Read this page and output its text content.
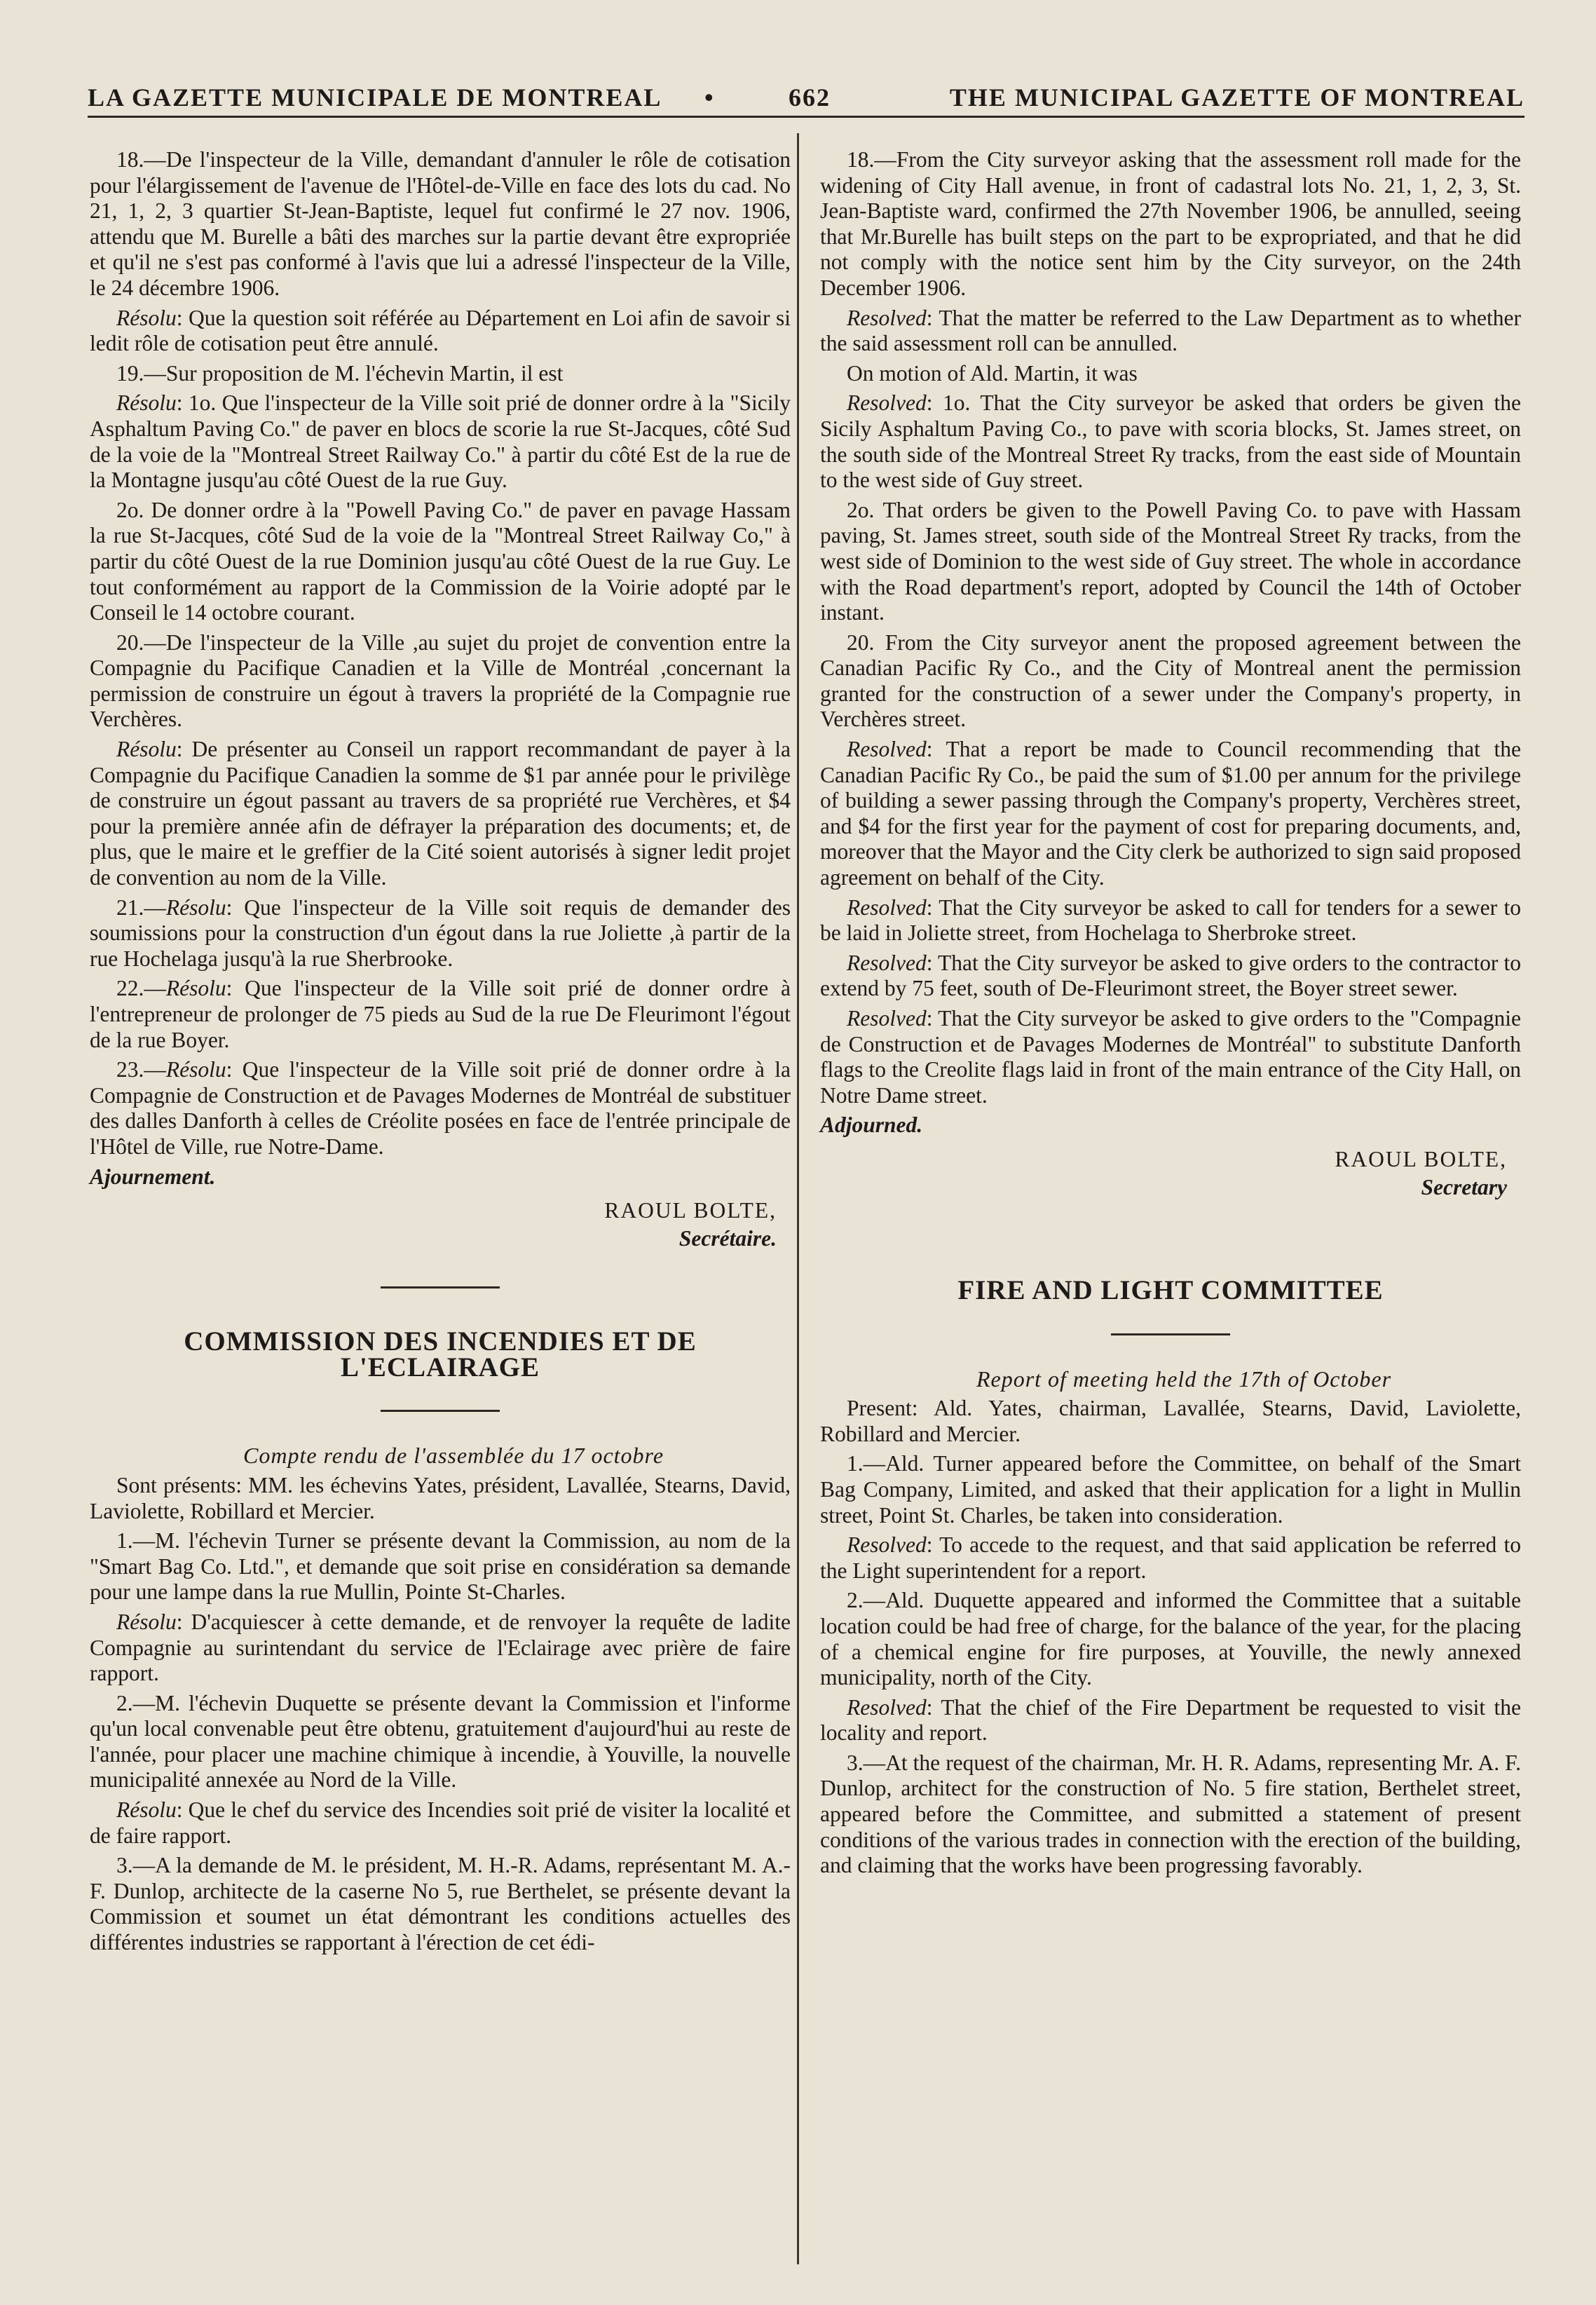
LA GAZETTE MUNICIPALE DE MONTREAL •	662	THE MUNICIPAL GAZETTE OF MONTREAL

18.—De l'inspecteur de la Ville, demandant d'annuler le rôle de cotisation pour l'élargissement de l'avenue de l'Hôtel-de-Ville en face des lots du cad. No 21, 1, 2, 3 quartier St-Jean-Baptiste, lequel fut confirmé le 27 nov. 1906, attendu que M. Burelle a bâti des marches sur la partie devant être expropriée et qu'il ne s'est pas conformé à l'avis que lui a adressé l'inspecteur de la Ville, le 24 décembre 1906.

Résolu: Que la question soit référée au Département en Loi afin de savoir si ledit rôle de cotisation peut être annulé.

19.—Sur proposition de M. l'échevin Martin, il est

Résolu: 1o. Que l'inspecteur de la Ville soit prié de donner ordre à la "Sicily Asphaltum Paving Co." de paver en blocs de scorie la rue St-Jacques, côté Sud de la voie de la "Montreal Street Railway Co." à partir du côté Est de la rue de la Montagne jusqu'au côté Ouest de la rue Guy.

2o. De donner ordre à la "Powell Paving Co." de paver en pavage Hassam la rue St-Jacques, côté Sud de la voie de la "Montreal Street Railway Co," à partir du côté Ouest de la rue Dominion jusqu'au côté Ouest de la rue Guy. Le tout conformément au rapport de la Commission de la Voirie adopté par le Conseil le 14 octobre courant.

20.—De l'inspecteur de la Ville ,au sujet du projet de convention entre la Compagnie du Pacifique Canadien et la Ville de Montréal ,concernant la permission de construire un égout à travers la propriété de la Compagnie rue Verchères.

Résolu: De présenter au Conseil un rapport recommandant de payer à la Compagnie du Pacifique Canadien la somme de $1 par année pour le privilège de construire un égout passant au travers de sa propriété rue Verchères, et $4 pour la première année afin de défrayer la préparation des documents; et, de plus, que le maire et le greffier de la Cité soient autorisés à signer ledit projet de convention au nom de la Ville.

21.—Résolu: Que l'inspecteur de la Ville soit requis de demander des soumissions pour la construction d'un égout dans la rue Joliette ,à partir de la rue Hochelaga jusqu'à la rue Sherbrooke.

22.—Résolu: Que l'inspecteur de la Ville soit prié de donner ordre à l'entrepreneur de prolonger de 75 pieds au Sud de la rue De Fleurimont l'égout de la rue Boyer.

23.—Résolu: Que l'inspecteur de la Ville soit prié de donner ordre à la Compagnie de Construction et de Pavages Modernes de Montréal de substituer des dalles Danforth à celles de Créolite posées en face de l'entrée principale de l'Hôtel de Ville, rue Notre-Dame.

Ajournement.

RAOUL BOLTE,
Secrétaire.
COMMISSION DES INCENDIES ET DE L'ECLAIRAGE

Compte rendu de l'assemblée du 17 octobre

Sont présents: MM. les échevins Yates, président, Lavallée, Stearns, David, Laviolette, Robillard et Mercier.

1.—M. l'échevin Turner se présente devant la Commission, au nom de la "Smart Bag Co. Ltd.", et demande que soit prise en considération sa demande pour une lampe dans la rue Mullin, Pointe St-Charles.

Résolu: D'acquiescer à cette demande, et de renvoyer la requête de ladite Compagnie au surintendant du service de l'Eclairage avec prière de faire rapport.

2.—M. l'échevin Duquette se présente devant la Commission et l'informe qu'un local convenable peut être obtenu, gratuitement d'aujourd'hui au reste de l'année, pour placer une machine chimique à incendie, à Youville, la nouvelle municipalité annexée au Nord de la Ville.

Résolu: Que le chef du service des Incendies soit prié de visiter la localité et de faire rapport.

3.—A la demande de M. le président, M. H.-R. Adams, représentant M. A.-F. Dunlop, architecte de la caserne No 5, rue Berthelet, se présente devant la Commission et soumet un état démontrant les conditions actuelles des différentes industries se rapportant à l'érection de cet édi-

18.—From the City surveyor asking that the assessment roll made for the widening of City Hall avenue, in front of cadastral lots No. 21, 1, 2, 3, St. Jean-Baptiste ward, confirmed the 27th November 1906, be annulled, seeing that Mr.Burelle has built steps on the part to be expropriated, and that he did not comply with the notice sent him by the City surveyor, on the 24th December 1906.

Resolved: That the matter be referred to the Law Department as to whether the said assessment roll can be annulled.

On motion of Ald. Martin, it was

Resolved: 1o. That the City surveyor be asked that orders be given the Sicily Asphaltum Paving Co., to pave with scoria blocks, St. James street, on the south side of the Montreal Street Ry tracks, from the east side of Mountain to the west side of Guy street.

2o. That orders be given to the Powell Paving Co. to pave with Hassam paving, St. James street, south side of the Montreal Street Ry tracks, from the west side of Dominion to the west side of Guy street. The whole in accordance with the Road department's report, adopted by Council the 14th of October instant.

20. From the City surveyor anent the proposed agreement between the Canadian Pacific Ry Co., and the City of Montreal anent the permission granted for the construction of a sewer under the Company's property, in Verchères street.

Resolved: That a report be made to Council recommending that the Canadian Pacific Ry Co., be paid the sum of $1.00 per annum for the privilege of building a sewer passing through the Company's property, Verchères street, and $4 for the first year for the payment of cost for preparing documents, and, moreover that the Mayor and the City clerk be authorized to sign said proposed agreement on behalf of the City.

Resolved: That the City surveyor be asked to call for tenders for a sewer to be laid in Joliette street, from Hochelaga to Sherbroke street.

Resolved: That the City surveyor be asked to give orders to the contractor to extend by 75 feet, south of De-Fleurimont street, the Boyer street sewer.

Resolved: That the City surveyor be asked to give orders to the "Compagnie de Construction et de Pavages Modernes de Montréal" to substitute Danforth flags to the Creolite flags laid in front of the main entrance of the City Hall, on Notre Dame street.

Adjourned.

RAOUL BOLTE,
Secretary
FIRE AND LIGHT COMMITTEE

Report of meeting held the 17th of October

Present: Ald. Yates, chairman, Lavallée, Stearns, David, Laviolette, Robillard and Mercier.

1.—Ald. Turner appeared before the Committee, on behalf of the Smart Bag Company, Limited, and asked that their application for a light in Mullin street, Point St. Charles, be taken into consideration.

Resolved: To accede to the request, and that said application be referred to the Light superintendent for a report.

2.—Ald. Duquette appeared and informed the Committee that a suitable location could be had free of charge, for the balance of the year, for the placing of a chemical engine for fire purposes, at Youville, the newly annexed municipality, north of the City.

Resolved: That the chief of the Fire Department be requested to visit the locality and report.

3.—At the request of the chairman, Mr. H. R. Adams, representing Mr. A. F. Dunlop, architect for the construction of No. 5 fire station, Berthelet street, appeared before the Committee, and submitted a statement of present conditions of the various trades in connection with the erection of the building, and claiming that the works have been progressing favorably.
